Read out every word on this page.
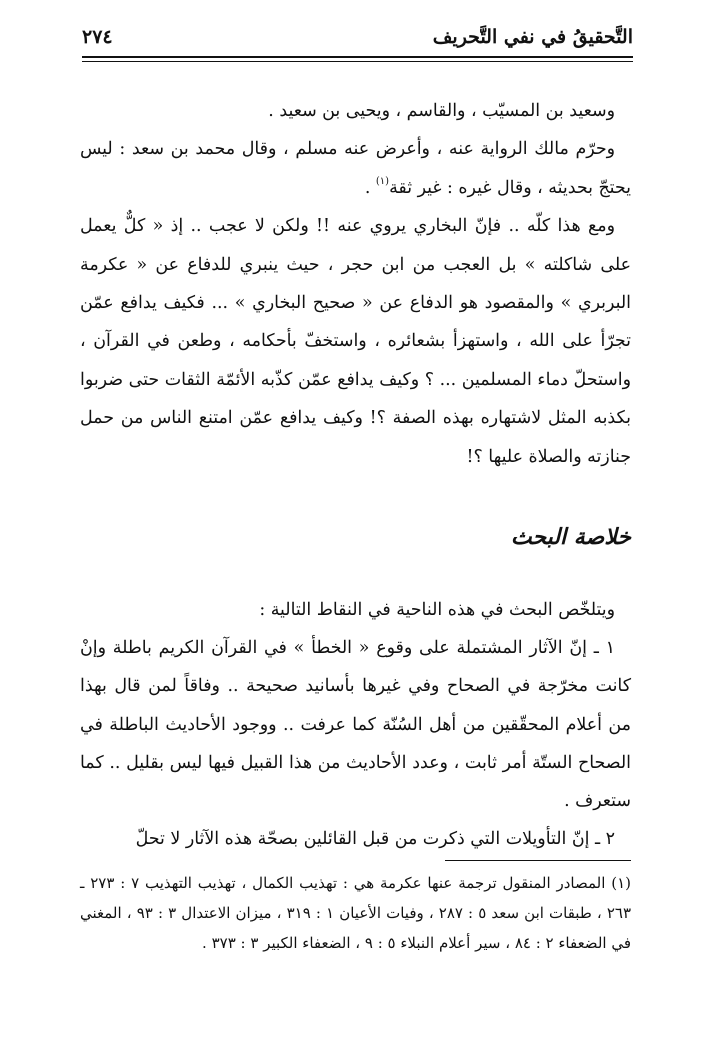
التَّحقيقُ في نفي التَّحريف
٢٧٤

وسعيد بن المسيّب ، والقاسم ، ويحيى بن سعيد .

وحرّم مالك الرواية عنه ، وأعرض عنه مسلم ، وقال محمد بن سعد : ليس يحتجّ بحديثه ، وقال غيره : غير ثقة$^{(١)}$ .

ومع هذا كلّه .. فإنّ البخاري يروي عنه !! ولكن لا عجب .. إذ « كلٌّ يعمل على شاكلته » بل العجب من ابن حجر ، حيث ينبري للدفاع عن « عكرمة البربري » والمقصود هو الدفاع عن « صحيح البخاري » ... فكيف يدافع عمّن تجرّأ على الله ، واستهزأ بشعائره ، واستخفّ بأحكامه ، وطعن في القرآن ، واستحلّ دماء المسلمين ... ؟ وكيف يدافع عمّن كذّبه الأئمّة الثقات حتى ضربوا بكذبه المثل لاشتهاره بهذه الصفة ؟! وكيف يدافع عمّن امتنع الناس من حمل جنازته والصلاة عليها ؟!

خلاصة البحث

ويتلخّص البحث في هذه الناحية في النقاط التالية :

١ ـ إنّ الآثار المشتملة على وقوع « الخطأ » في القرآن الكريم باطلة وإنْ كانت مخرّجة في الصحاح وفي غيرها بأسانيد صحيحة .. وفاقاً لمن قال بهذا من أعلام المحقّقين من أهل السُنّة كما عرفت .. ووجود الأحاديث الباطلة في الصحاح الستّة أمر ثابت ، وعدد الأحاديث من هذا القبيل فيها ليس بقليل .. كما ستعرف .

٢ ـ إنّ التأويلات التي ذكرت من قبل القائلين بصحّة هذه الآثار لا تحلّ

(١) المصادر المنقول ترجمة عنها عكرمة هي : تهذيب الكمال ، تهذيب التهذيب ٧ : ٢٧٣ ـ ٢٦٣ ، طبقات ابن سعد ٥ : ٢٨٧ ، وفيات الأعيان ١ : ٣١٩ ، ميزان الاعتدال ٣ : ٩٣ ، المغني في الضعفاء ٢ : ٨٤ ، سير أعلام النبلاء ٥ : ٩ ، الضعفاء الكبير ٣ : ٣٧٣ .
